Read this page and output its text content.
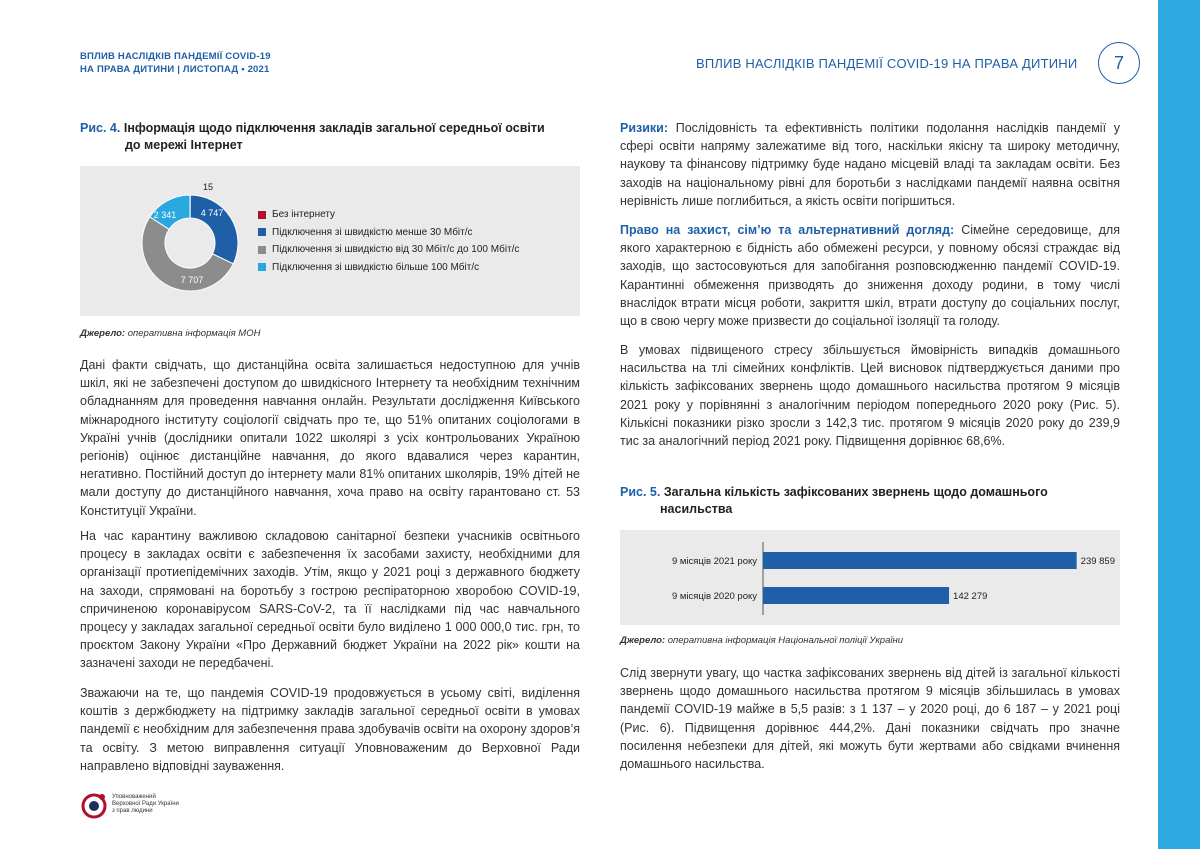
ВПЛИВ НАСЛІДКІВ ПАНДЕМІЇ COVID-19
НА ПРАВА ДИТИНИ | ЛИСТОПАД • 2021	ВПЛИВ НАСЛІДКІВ ПАНДЕМІЇ COVID-19 НА ПРАВА ДИТИНИ	7
Рис. 4. Інформація щодо підключення закладів загальної середньої освіти
до мережі Інтернет
15
4 747
7 707
2 341	Без інтернету
Підключення зі швидкістю менше 30 Мбіт/с
Підключення зі швидкістю від 30 Мбіт/с до 100 Мбіт/с
Підключення зі швидкістю більше 100 Мбіт/с
Джерело: оперативна інформація МОН
Дані факти свідчать, що дистанційна освіта залишається недоступною для учнів шкіл, які не забезпечені доступом до швидкісного Інтернету та необхідним технічним обладнанням для проведення навчання онлайн. Результати дослідження Київського міжнародного інституту соціології свідчать про те, що 51% опитаних соціологами в Україні учнів (дослідники опитали 1022 школярі з усіх контрольованих Україною регіонів) оцінює дистанційне навчання, до якого вдавалися через карантин, негативно. Постійний доступ до інтернету мали 81% опитаних школярів, 19% дітей не мали доступу до дистанційного навчання, хоча право на освіту гарантовано ст. 53 Конституції України.
На час карантину важливою складовою санітарної безпеки учасників освітнього процесу в закладах освіти є забезпечення їх засобами захисту, необхідними для організації протиепідемічних заходів. Утім, якщо у 2021 році з державного бюджету на заходи, спрямовані на боротьбу з гострою респіраторною хворобою COVID-19, спричиненою коронавірусом SARS-CoV-2, та її наслідками під час навчального процесу у закладах загальної середньої освіти було виділено 1 000 000,0 тис. грн, то проєктом Закону України «Про Державний бюджет України на 2022 рік» кошти на зазначені заходи не передбачені.
Зважаючи на те, що пандемія COVID-19 продовжується в усьому світі, виділення коштів з держбюджету на підтримку закладів загальної середньої освіти в умовах пандемії є необхідним для забезпечення права здобувачів освіти на охорону здоров’я та освіту. З метою виправлення ситуації Уповноваженим до Верховної Ради направлено відповідні зауваження.
Уповноважений
Верховної Ради України
з прав людини
Ризики: Послідовність та ефективність політики подолання наслідків пандемії у сфері освіти напряму залежатиме від того, наскільки якісну та широку методичну, наукову та фінансову підтримку буде надано місцевій владі та закладам освіти. Без заходів на національному рівні для боротьби з наслідками пандемії наявна освітня нерівність лише поглибиться, а якість освіти погіршиться.
Право на захист, сім’ю та альтернативний догляд: Сімейне середовище, для якого характерною є бідність або обмежені ресурси, у повному обсязі страждає від заходів, що застосовуються для запобігання розповсюдженню пандемії COVID-19. Карантинні обмеження призводять до зниження доходу родини, в тому числі внаслідок втрати місця роботи, закриття шкіл, втрати доступу до соціальних послуг, що в свою чергу може призвести до соціальної ізоляції та голоду.
В умовах підвищеного стресу збільшується ймовірність випадків домашнього насильства на тлі сімейних конфліктів. Цей висновок підтверджується даними про кількість зафіксованих звернень щодо домашнього насильства протягом 9 місяців 2021 року у порівнянні з аналогічним періодом попереднього 2020 року (Рис. 5). Кількісні показники різко зросли з 142,3 тис. протягом 9 місяців 2020 року до 239,9 тис за аналогічний період 2021 року. Підвищення дорівнює 68,6%.
Рис. 5. Загальна кількість зафіксованих звернень щодо домашнього
насильства
9 місяців 2021 року	239 859
9 місяців 2020 року	142 279
Джерело: оперативна інформація Національної поліції України
Слід звернути увагу, що частка зафіксованих звернень від дітей із загальної кількості звернень щодо домашнього насильства протягом 9 місяців збільшилась в умовах пандемії COVID-19 майже в 5,5 разів: з 1 137 – у 2020 році, до 6 187 – у 2021 році (Рис. 6). Підвищення дорівнює 444,2%. Дані показники свідчать про значне посилення небезпеки для дітей, які можуть бути жертвами або свідками вчинення домашнього насильства.
